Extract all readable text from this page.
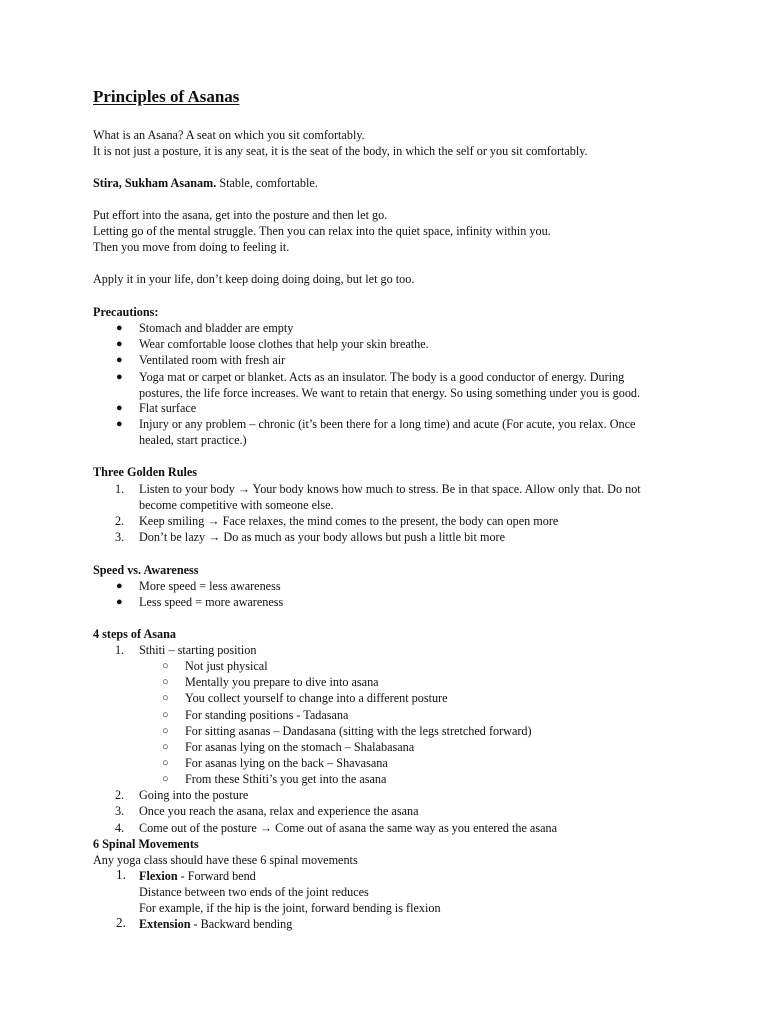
Principles of Asanas
What is an Asana? A seat on which you sit comfortably.
It is not just a posture, it is any seat, it is the seat of the body, in which the self or you sit comfortably.
Stira, Sukham Asanam. Stable, comfortable.
Put effort into the asana, get into the posture and then let go.
Letting go of the mental struggle. Then you can relax into the quiet space, infinity within you.
Then you move from doing to feeling it.
Apply it in your life, don’t keep doing doing doing, but let go too.
Precautions:
● Stomach and bladder are empty
● Wear comfortable loose clothes that help your skin breathe.
● Ventilated room with fresh air
● Yoga mat or carpet or blanket. Acts as an insulator. The body is a good conductor of energy. During
postures, the life force increases. We want to retain that energy. So using something under you is good.
● Flat surface
● Injury or any problem – chronic (it’s been there for a long time) and acute (For acute, you relax. Once
healed, start practice.)
Three Golden Rules
1. Listen to your body → Your body knows how much to stress. Be in that space. Allow only that. Do not
become competitive with someone else.
2. Keep smiling → Face relaxes, the mind comes to the present, the body can open more
3. Don’t be lazy → Do as much as your body allows but push a little bit more
Speed vs. Awareness
● More speed = less awareness
● Less speed = more awareness
4 steps of Asana
1. Sthiti – starting position
○ Not just physical
○ Mentally you prepare to dive into asana
○ You collect yourself to change into a different posture
○ For standing positions - Tadasana
○ For sitting asanas – Dandasana (sitting with the legs stretched forward)
○ For asanas lying on the stomach – Shalabasana
○ For asanas lying on the back – Shavasana
○ From these Sthiti’s you get into the asana
2. Going into the posture
3. Once you reach the asana, relax and experience the asana
4. Come out of the posture → Come out of asana the same way as you entered the asana
6 Spinal Movements
Any yoga class should have these 6 spinal movements
1. Flexion - Forward bend
Distance between two ends of the joint reduces
For example, if the hip is the joint, forward bending is flexion
2. Extension - Backward bending
